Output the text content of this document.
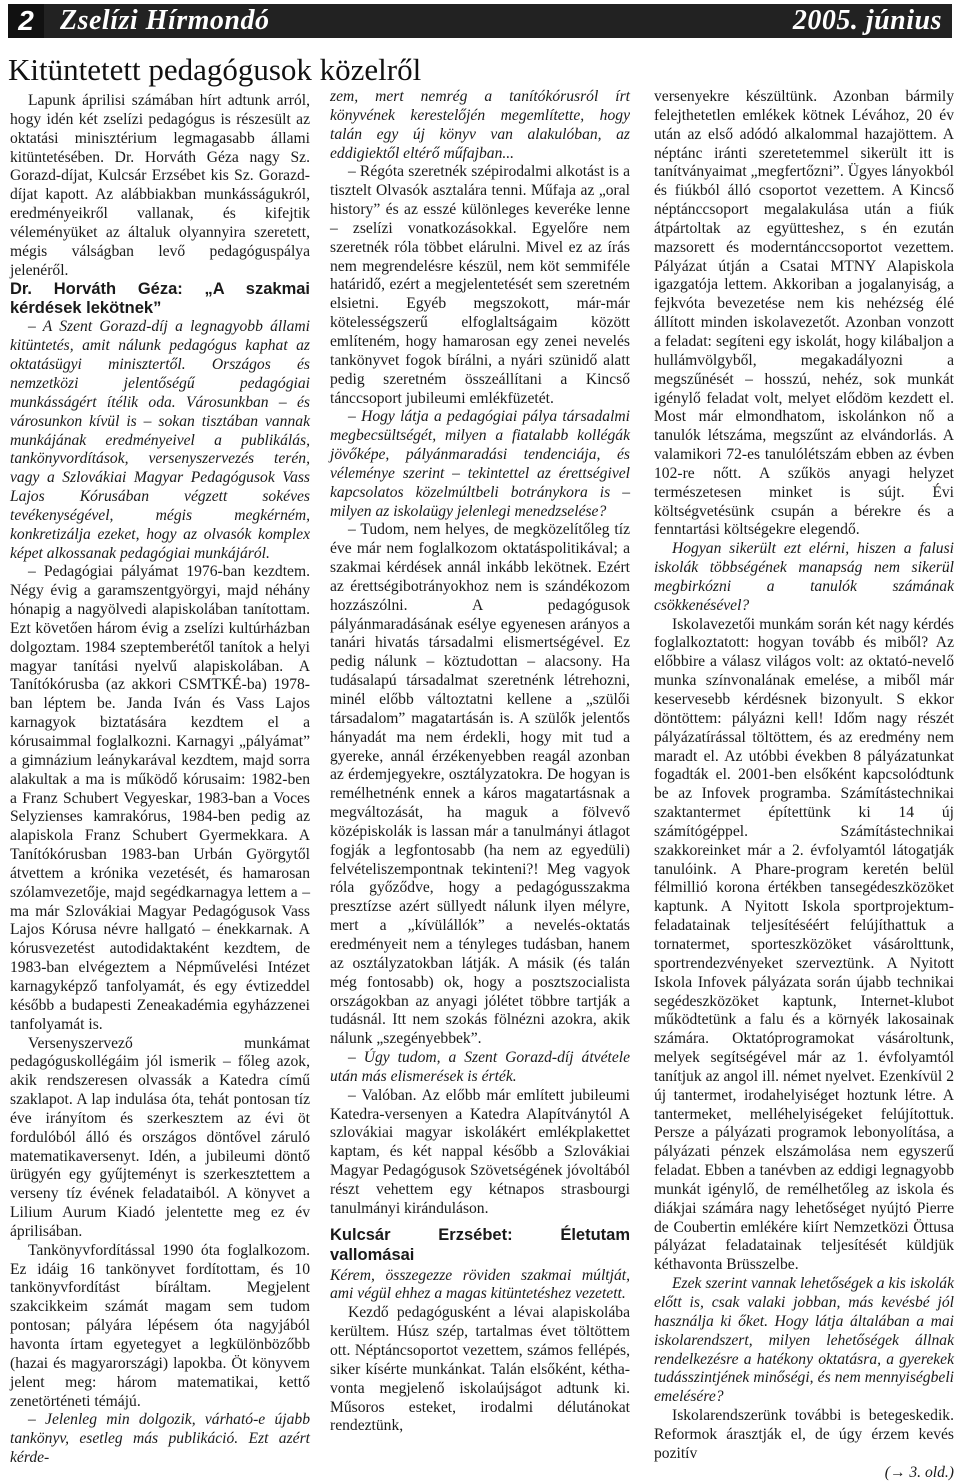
2 Zselízi Hírmondó	2005. június
Kitüntetett pedagógusok közelről

Lapunk áprilisi számában hírt adtunk arról, hogy idén két zselízi pedagógus is részesült az oktatási minisztérium legmagasabb állami kitüntetésében. Dr. Horváth Géza nagy Sz. Gorazd-díjat, Kulcsár Erzsébet kis Sz. Gorazd-díjat kapott. Az alábbiakban munkásságukról, eredményeikről vallanak, és kifejtik véleményüket az általuk olyannyira szeretett, mégis válságban levő pedagóguspálya jelenéről.

Dr. Horváth Géza: „A szakmai kérdések lekötnek”

– A Szent Gorazd-díj a legnagyobb állami kitüntetés, amit nálunk pedagógus kaphat az oktatásügyi minisztertől. Országos és nemzetközi jelentőségű pedagógiai munkásságért ítélik oda. Városunkban – és városunkon kívül is – sokan tisztában vannak munkájának eredményeivel a publikálás, tankönyvordítások, versenyszervezés terén, vagy a Szlovákiai Magyar Pedagógusok Vass Lajos Kórusában végzett sokéves tevékenységével, mégis megkérném, konkretizálja ezeket, hogy az olvasók komplex képet alkossanak pedagógiai munkájáról.

– Pedagógiai pályámat 1976-ban kezdtem. Négy évig a garamszentgyörgyi, majd néhány hónapig a nagyölvedi alapiskolában tanítottam. Ezt követően három évig a zselízi kultúrházban dolgoztam. 1984 szeptemberétől tanítok a helyi magyar tanítási nyelvű alapiskolában. A Tanítókórusba (az akkori CSMTKÉ-ba) 1978-ban léptem be. Janda Iván és Vass Lajos karnagyok biztatására kezdtem el a kórusaimmal foglalkozni. Karnagyi „pályámat” a gimnázium leánykarával kezdtem, majd sorra alakultak a ma is működő kórusaim: 1982-ben a Franz Schubert Vegyeskar, 1983-ban a Voces Selyzienses kamrakórus, 1984-ben pedig az alapiskola Franz Schubert Gyermekkara. A Tanítókórusban 1983-ban Urbán Györgytől átvettem a krónika vezetését, és hamarosan szólamvezetője, majd segédkarnagya lettem a – ma már Szlovákiai Magyar Pedagógusok Vass Lajos Kórusa névre hallgató – énekkarnak. A kórusvezetést autodidaktaként kezdtem, de 1983-ban elvégeztem a Népművelési Intézet karnagyképző tanfolyamát, és egy évtizeddel később a budapesti Zeneakadémia egyházzenei tanfolyamát is.

Versenyszervező munkámat pedagóguskollégáim jól ismerik – főleg azok, akik rendszeresen olvassák a Katedra című szaklapot. A lap indulása óta, tehát pontosan tíz éve irányítom és szerkesztem az évi öt fordulóból álló és országos döntővel záruló matematikaversenyt. Idén, a jubileumi döntő ürügyén egy gyűjteményt is szerkesztettem a verseny tíz évének feladataiból. A könyvet a Lilium Aurum Kiadó jelentette meg ez év áprilisában.

Tankönyvfordítással 1990 óta foglalkozom. Ez idáig 16 tankönyvet fordítottam, és 10 tankönyvfordítást bíráltam. Megjelent szakcikkeim számát magam sem tudom pontosan; pályára lépésem óta nagyjából havonta írtam egyetegyet a legkülönbözőbb (hazai és magyarországi) lapokba. Öt könyvem jelent meg: három matematikai, kettő zenetörténeti témájú.

– Jelenleg min dolgozik, várható-e újabb tankönyv, esetleg más publikáció. Ezt azért kérde-

zem, mert nemrég a tanítókórusról írt könyvének kerestelőjén megemlítette, hogy talán egy új könyv van alakulóban, az eddigiektől eltérő műfajban...

– Régóta szeretnék szépirodalmi alkotást is a tisztelt Olvasók asztalára tenni. Műfaja az „oral history” és az esszé különleges keveréke lenne – zselízi vonatkozásokkal. Egyelőre nem szeretnék róla többet elárulni. Mivel ez az írás nem megrendelésre készül, nem köt semmiféle határidő, ezért a megjelentetését sem szeretném elsietni. Egyéb megszokott, már-már kötelességszerű elfoglaltságaim között említeném, hogy hamarosan egy zenei nevelés tankönyvet fogok bírálni, a nyári szünidő alatt pedig szeretném összeállítani a Kincső tánccsoport jubileumi emlékfüzetét.

– Hogy látja a pedagógiai pálya társadalmi megbecsültségét, milyen a fiatalabb kollégák jövőképe, pályánmaradási tendenciája, és véleménye szerint – tekintettel az érettségivel kapcsolatos közelmúltbeli botránykora is – milyen az iskolaügy jelenlegi menedzselése?

– Tudom, nem helyes, de megközelítőleg tíz éve már nem foglalkozom oktatáspolitikával; a szakmai kérdések annál inkább lekötnek. Ezért az érettségibotrányokhoz nem is szándékozom hozzászólni. A pedagógusok pályánmaradásának esélye egyenesen arányos a tanári hivatás társadalmi elismertségével. Ez pedig nálunk – köztudottan – alacsony. Ha tudásalapú társadalmat szeretnénk létrehozni, minél előbb változtatni kellene a „szülői társadalom” magatartásán is. A szülők jelentős hányadát ma nem érdekli, hogy mit tud a gyereke, annál érzékenyebben reagál azonban az érdemjegyekre, osztályzatokra. De hogyan is remélhetnénk ennek a káros magatartásnak a megváltozását, ha maguk a fölvevő középiskolák is lassan már a tanulmányi átlagot fogják a legfontosabb (ha nem az egyedüli) felvételiszempontnak tekinteni?! Meg vagyok róla győződve, hogy a pedagógusszakma presztízse azért süllyedt nálunk ilyen mélyre, mert a „kívülállók” a nevelés-oktatás eredményeit nem a tényleges tudásban, hanem az osztályzatokban látják. A másik (és talán még fontosabb) ok, hogy a posztszocialista országokban az anyagi jólétet többre tartják a tudásnál. Itt nem szokás fölnézni azokra, akik nálunk „szegényebbek”.

– Úgy tudom, a Szent Gorazd-díj átvétele után más elismerések is érték.

– Valóban. Az előbb már említett jubileumi Katedra-versenyen a Katedra Alapítványtól A szlovákiai magyar iskolákért emlékplakettet kaptam, és két nappal később a Szlovákiai Magyar Pedagógusok Szövetségének jóvoltából részt vehettem egy kétnapos strasbourgi tanulmányi kiránduláson.

Kulcsár Erzsébet: Életutam vallomásai

Kérem, összegezze röviden szakmai múltját, ami végül ehhez a magas kitüntetéshez vezetett.

Kezdő pedagógusként a lévai alapiskolába kerültem. Húsz szép, tartalmas évet töltöttem ott. Néptáncsoportot vezettem, számos fellépés, siker kísérte munkánkat. Talán elsőként, kétha-vonta megjelenő iskolaújságot adtunk ki. Műsoros esteket, irodalmi délutánokat rendeztünk,

versenyekre készültünk. Azonban bármily felejthetetlen emlékek kötnek Lévához, 20 év után az első adódó alkalommal hazajöttem. A néptánc iránti szeretetemmel sikerült itt is tanítványaimat „megfertőzni”. Ügyes lányokból és fiúkból álló csoportot vezettem. A Kincső néptánccsoport megalakulása után a fiúk átpártoltak az együtteshez, s én ezután mazsorett és moderntánccsoportot vezettem. Pályázat útján a Csatai MTNY Alapiskola igazgatója lettem. Akkoriban a jogalanyiság, a fejkvóta bevezetése nem kis nehézség élé állított minden iskolavezetőt. Azonban vonzott a feladat: segíteni egy iskolát, hogy kilábaljon a hullámvölgyből, megakadályozni a megszűnését – hosszú, nehéz, sok munkát igénylő feladat volt, melyet elődöm kezdett el. Most már elmondhatom, iskolánkon nő a tanulók létszáma, megszűnt az elvándorlás. A valamikori 72-es tanulólétszám ebben az évben 102-re nőtt. A szűkös anyagi helyzet természetesen minket is sújt. Évi költségvetésünk csupán a bérekre és a fenntartási költségekre elegendő.

Hogyan sikerült ezt elérni, hiszen a falusi iskolák többségének manapság nem sikerül megbirkózni a tanulók számának csökkenésével?

Iskolavezetői munkám során két nagy kérdés foglalkoztatott: hogyan tovább és miből? Az előbbire a válasz világos volt: az oktató-nevelő munka színvonalának emelése, a miből már keservesebb kérdésnek bizonyult. S ekkor döntöttem: pályázni kell! Időm nagy részét pályázatírással töltöttem, és az eredmény nem maradt el. Az utóbbi években 8 pályázatunkat fogadták el. 2001-ben elsőként kapcsolódtunk be az Infovek programba. Számítástechnikai szaktantermet építettünk ki 14 új számítógéppel. Számítástechnikai szakkoreinket már a 2. évfolyamtól látogatják tanulóink. A Phare-program keretén belül félmillió korona értékben tansegédeszközöket kaptunk. A Nyitott Iskola sportprojektum-feladatainak teljesítéséért felújíthattuk a tornatermet, sporteszközöket vásárolttunk, sportrendezvényeket szerveztünk. A Nyitott Iskola Infovek pályázata során újabb technikai segédeszközöket kaptunk, Internet-klubot működtetünk a falu és a környék lakosainak számára. Oktatóprogramokat vásároltunk, melyek segítségével már az 1. évfolyamtól tanítjuk az angol ill. német nyelvet. Ezenkívül 2 új tantermet, irodahelyiséget hoztunk létre. A tantermeket, melléhelyiségeket felújítottuk. Persze a pályázati programok lebonyolítása, a pályázati pénzek elszámolása nem egyszerű feladat. Ebben a tanévben az eddigi legnagyobb munkát igénylő, de remélhetőleg az iskola és diákjai számára nagy lehetőséget nyújtó Pierre de Coubertin emlékére kiírt Nemzetközi Öttusa pályázat feladatainak teljesítését küldjük kéthavonta Brüsszelbe.

Ezek szerint vannak lehetőségek a kis iskolák előtt is, csak valaki jobban, más kevésbé jól használja ki őket. Hogy látja általában a mai iskolarendszert, milyen lehetőségek állnak rendelkezésre a hatékony oktatásra, a gyerekek tudásszintjének minőségi, és nem mennyiségbeli emelésére?

Iskolarendszerünk további is betegeskedik. Reformok árasztják el, de úgy érzem kevés pozitív

(→ 3. old.)
